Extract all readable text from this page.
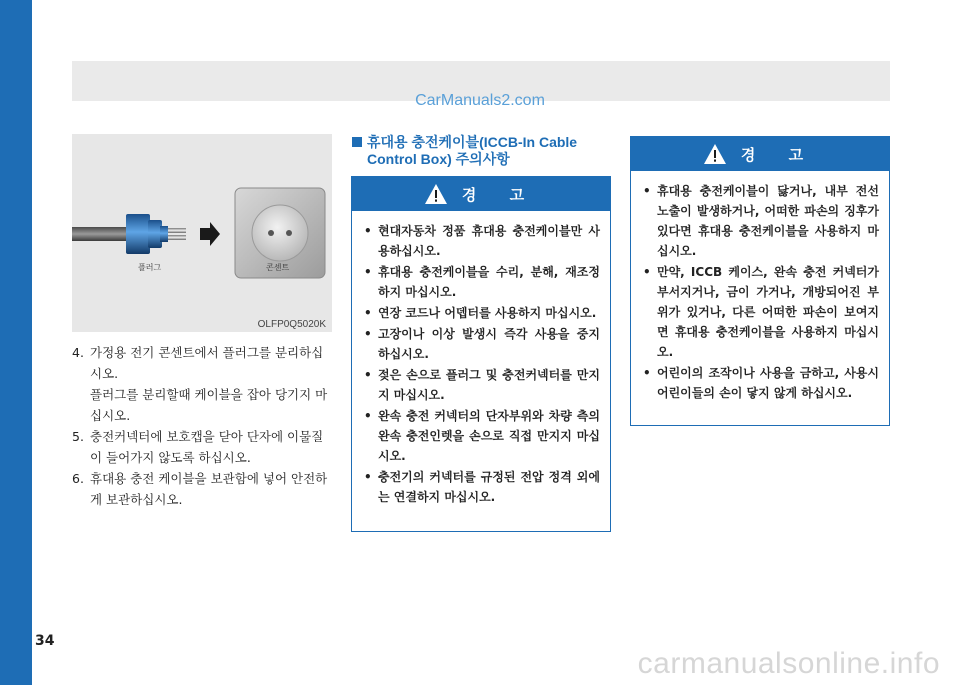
CarManuals2.com
플러그	콘센트
OLFP0Q5020K
4. 가정용 전기 콘센트에서 플러그를 분리하십시오.
플러그를 분리할때 케이블을 잡아 당기지 마십시오.
5. 충전커넥터에 보호캡을 닫아 단자에 이물질이 들어가지 않도록 하십시오.
6. 휴대용 충전 케이블을 보관함에 넣어 안전하게 보관하십시오.
휴대용 충전케이블(ICCB-In Cable
Control Box) 주의사항
경 고
• 현대자동차 정품 휴대용 충전케이블만 사용하십시오.
• 휴대용 충전케이블을 수리, 분해, 재조정 하지 마십시오.
• 연장 코드나 어뎁터를 사용하지 마십시오.
• 고장이나 이상 발생시 즉각 사용을 중지 하십시오.
• 젖은 손으로 플러그 및 충전커넥터를 만지지 마십시오.
• 완속 충전 커넥터의 단자부위와 차량 측의 완속 충전인렛을 손으로 직접 만지지 마십시오.
• 충전기의 커넥터를 규정된 전압 정격 외에는 연결하지 마십시오.
경 고
• 휴대용 충전케이블이 닳거나, 내부 전선 노출이 발생하거나, 어떠한 파손의 징후가 있다면 휴대용 충전케이블을 사용하지 마십시오.
• 만약, ICCB 케이스, 완속 충전 커넥터가 부서지거나, 금이 가거나, 개방되어진 부위가 있거나, 다른 어떠한 파손이 보여지면 휴대용 충전케이블을 사용하지 마십시오.
• 어린이의 조작이나 사용을 금하고, 사용시 어린이들의 손이 닿지 않게 하십시오.
34
carmanualsonline.info
